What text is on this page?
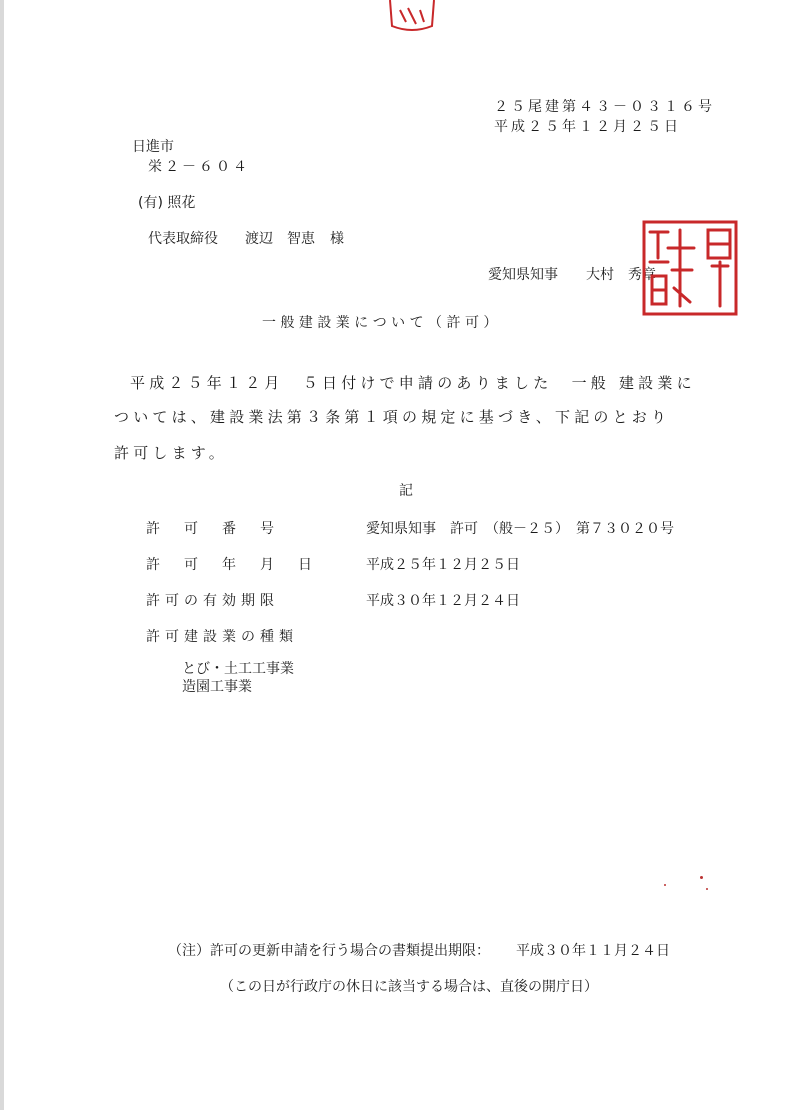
２５尾建第４３－０３１６号
平成２５年１２月２５日
日進市
栄２－６０４
(有) 照花
代表取締役 渡辺　智恵 様
愛知県知事 大村　秀章
一 般 建 設 業 に つ い て （ 許 可 ）
平成２５年１２月　５日付けで申請のありました　一般 建設業に
ついては、建設業法第３条第１項の規定に基づき、下記のとおり
許可します。
記
許　可　番　号	愛知県知事　許可　（般－２５）　第７３０２０号
許　可　年　月　日	平成２５年１２月２５日
許可の有効期限	平成３０年１２月２４日
許可建設業の種類
とび・土工工事業
造園工事業
（注）許可の更新申請を行う場合の書類提出期限： 平成３０年１１月２４日
（この日が行政庁の休日に該当する場合は、直後の開庁日）
